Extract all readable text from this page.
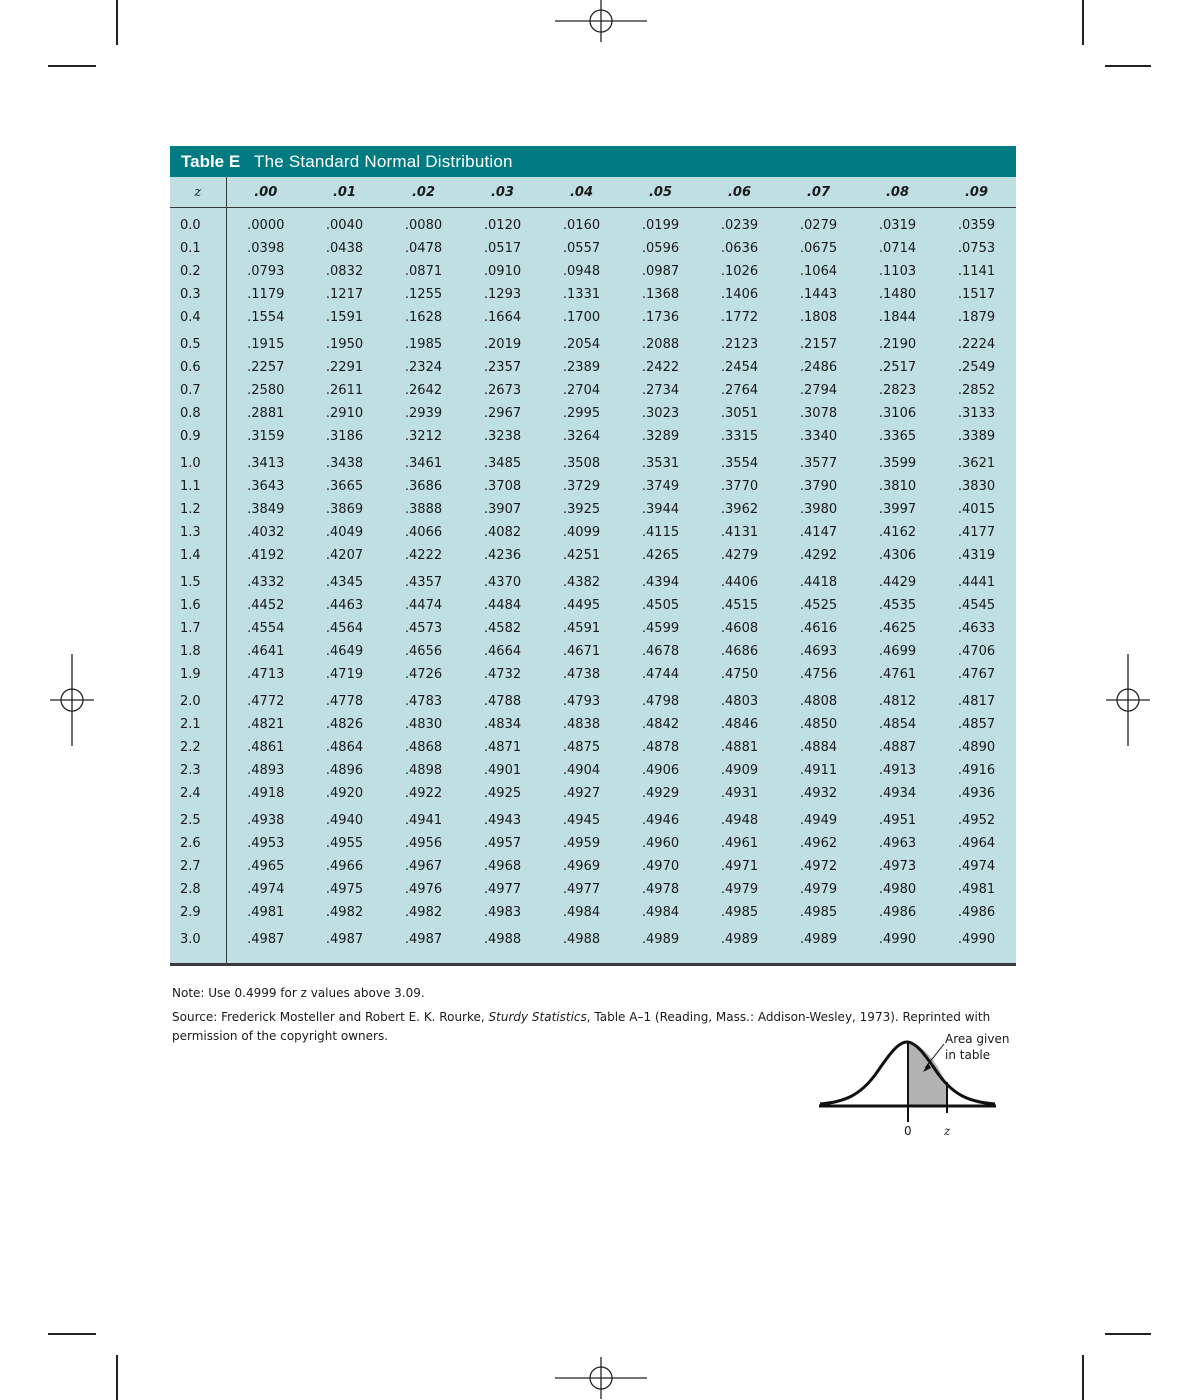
Table E The Standard Normal Distribution
z	.00	.01	.02	.03	.04	.05	.06	.07	.08	.09
0.0	.0000	.0040	.0080	.0120	.0160	.0199	.0239	.0279	.0319	.0359
0.1	.0398	.0438	.0478	.0517	.0557	.0596	.0636	.0675	.0714	.0753
0.2	.0793	.0832	.0871	.0910	.0948	.0987	.1026	.1064	.1103	.1141
0.3	.1179	.1217	.1255	.1293	.1331	.1368	.1406	.1443	.1480	.1517
0.4	.1554	.1591	.1628	.1664	.1700	.1736	.1772	.1808	.1844	.1879
0.5	.1915	.1950	.1985	.2019	.2054	.2088	.2123	.2157	.2190	.2224
0.6	.2257	.2291	.2324	.2357	.2389	.2422	.2454	.2486	.2517	.2549
0.7	.2580	.2611	.2642	.2673	.2704	.2734	.2764	.2794	.2823	.2852
0.8	.2881	.2910	.2939	.2967	.2995	.3023	.3051	.3078	.3106	.3133
0.9	.3159	.3186	.3212	.3238	.3264	.3289	.3315	.3340	.3365	.3389
1.0	.3413	.3438	.3461	.3485	.3508	.3531	.3554	.3577	.3599	.3621
1.1	.3643	.3665	.3686	.3708	.3729	.3749	.3770	.3790	.3810	.3830
1.2	.3849	.3869	.3888	.3907	.3925	.3944	.3962	.3980	.3997	.4015
1.3	.4032	.4049	.4066	.4082	.4099	.4115	.4131	.4147	.4162	.4177
1.4	.4192	.4207	.4222	.4236	.4251	.4265	.4279	.4292	.4306	.4319
1.5	.4332	.4345	.4357	.4370	.4382	.4394	.4406	.4418	.4429	.4441
1.6	.4452	.4463	.4474	.4484	.4495	.4505	.4515	.4525	.4535	.4545
1.7	.4554	.4564	.4573	.4582	.4591	.4599	.4608	.4616	.4625	.4633
1.8	.4641	.4649	.4656	.4664	.4671	.4678	.4686	.4693	.4699	.4706
1.9	.4713	.4719	.4726	.4732	.4738	.4744	.4750	.4756	.4761	.4767
2.0	.4772	.4778	.4783	.4788	.4793	.4798	.4803	.4808	.4812	.4817
2.1	.4821	.4826	.4830	.4834	.4838	.4842	.4846	.4850	.4854	.4857
2.2	.4861	.4864	.4868	.4871	.4875	.4878	.4881	.4884	.4887	.4890
2.3	.4893	.4896	.4898	.4901	.4904	.4906	.4909	.4911	.4913	.4916
2.4	.4918	.4920	.4922	.4925	.4927	.4929	.4931	.4932	.4934	.4936
2.5	.4938	.4940	.4941	.4943	.4945	.4946	.4948	.4949	.4951	.4952
2.6	.4953	.4955	.4956	.4957	.4959	.4960	.4961	.4962	.4963	.4964
2.7	.4965	.4966	.4967	.4968	.4969	.4970	.4971	.4972	.4973	.4974
2.8	.4974	.4975	.4976	.4977	.4977	.4978	.4979	.4979	.4980	.4981
2.9	.4981	.4982	.4982	.4983	.4984	.4984	.4985	.4985	.4986	.4986
3.0	.4987	.4987	.4987	.4988	.4988	.4989	.4989	.4989	.4990	.4990
Note: Use 0.4999 for z values above 3.09.
Source: Frederick Mosteller and Robert E. K. Rourke, Sturdy Statistics, Table A–1 (Reading, Mass.: Addison-Wesley, 1973). Reprinted with permission of the copyright owners.	Area given
in table
0	z
